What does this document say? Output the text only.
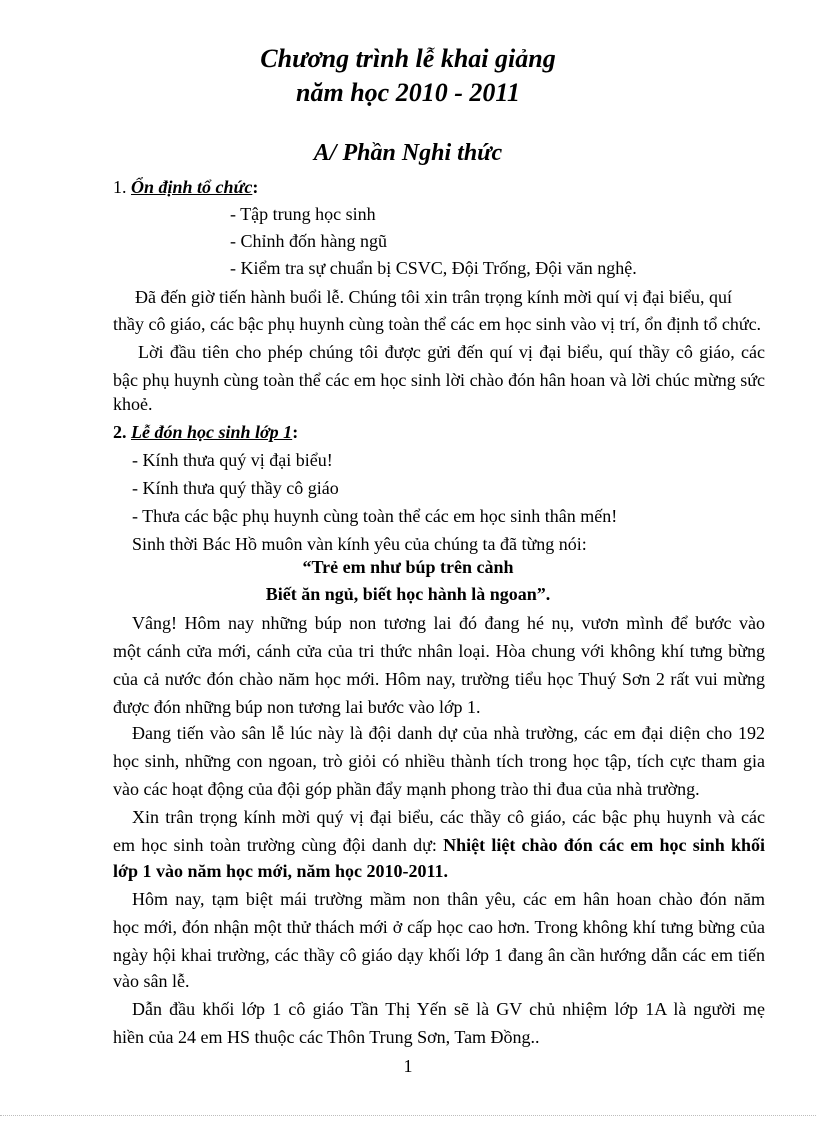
Chương trình lễ khai giảng
năm học 2010 - 2011
A/ Phần Nghi thức
1. Ổn định tổ chức:
- Tập trung học sinh
- Chỉnh đốn hàng ngũ
- Kiểm tra sự chuẩn bị CSVC, Đội Trống, Đội văn nghệ.
Đã đến giờ tiến hành buổi lễ. Chúng tôi xin trân trọng kính mời quí vị đại biểu, quí
thầy cô giáo, các bậc phụ huynh cùng toàn thể các em học sinh vào vị trí, ổn định tổ chức.
Lời đầu tiên cho phép chúng tôi được gửi đến quí vị đại biểu, quí thầy cô giáo, các
bậc phụ huynh cùng toàn thể các em học sinh lời chào đón hân hoan và lời chúc mừng sức
khoẻ.
2. Lễ đón học sinh lớp 1:
- Kính thưa quý vị đại biểu!
- Kính thưa quý thầy cô giáo
- Thưa các bậc phụ huynh cùng toàn thể các em học sinh thân mến!
Sinh thời Bác Hồ muôn vàn kính yêu của chúng ta đã từng nói:
“Trẻ em như búp trên cành
Biết ăn ngủ, biết học hành là ngoan”.
Vâng! Hôm nay những búp non tương lai đó đang hé nụ, vươn mình để bước vào
một cánh cửa mới, cánh cửa của tri thức nhân loại. Hòa chung với không khí tưng bừng
của cả nước đón chào năm học mới. Hôm nay, trường tiểu học Thuý Sơn 2 rất vui mừng
được đón những búp non tương lai bước vào lớp 1.
Đang tiến vào sân lễ lúc này là đội danh dự của nhà trường, các em đại diện cho 192
học sinh, những con ngoan, trò giỏi có nhiều thành tích trong học tập, tích cực tham gia
vào các hoạt động của đội góp phần đẩy mạnh phong trào thi đua của nhà trường.
Xin trân trọng kính mời quý vị đại biểu, các thầy cô giáo, các bậc phụ huynh và các
em học sinh toàn trường cùng đội danh dự: Nhiệt liệt chào đón các em học sinh khối
lớp 1 vào năm học mới, năm học 2010-2011.
Hôm nay, tạm biệt mái trường mầm non thân yêu, các em hân hoan chào đón năm
học mới, đón nhận một thử thách mới ở cấp học cao hơn. Trong không khí tưng bừng của
ngày hội khai trường, các thầy cô giáo dạy khối lớp 1 đang ân cần hướng dẫn các em tiến
vào sân lễ.
Dẫn đầu khối lớp 1 cô giáo Tần Thị Yến sẽ là GV chủ nhiệm lớp 1A là người mẹ
hiền của 24 em HS thuộc các Thôn Trung Sơn, Tam Đồng..
1
